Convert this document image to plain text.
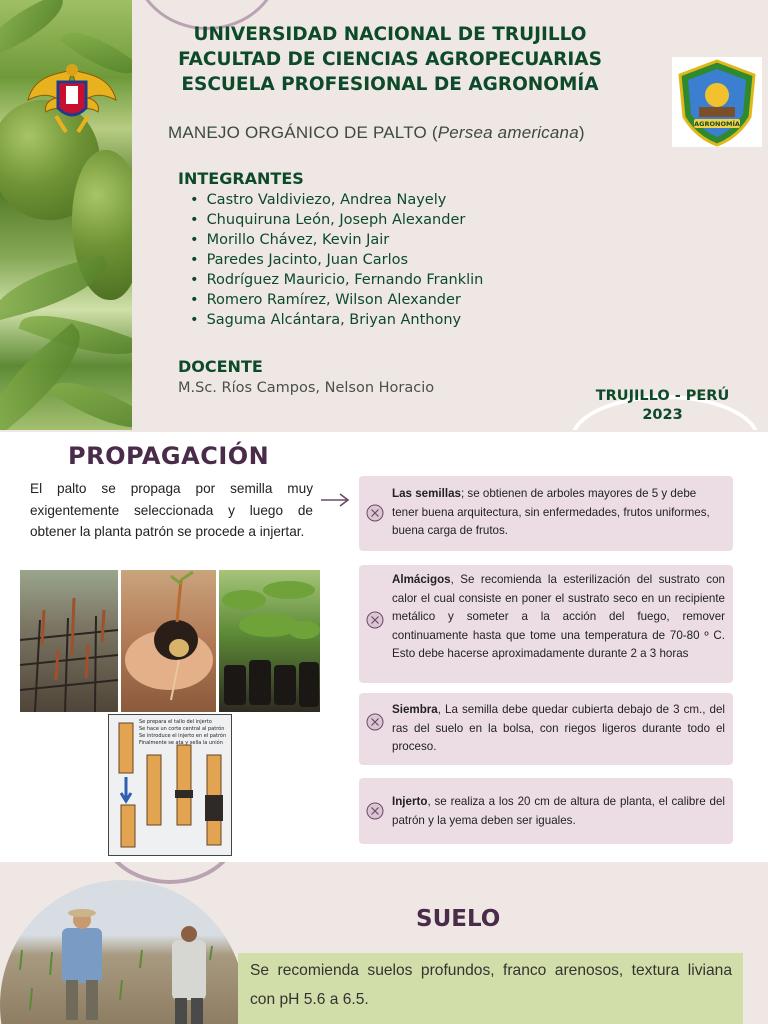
UNIVERSIDAD NACIONAL DE TRUJILLO
FACULTAD DE CIENCIAS AGROPECUARIAS
ESCUELA PROFESIONAL DE AGRONOMÍA
AGRONOMÍA
MANEJO ORGÁNICO DE PALTO (Persea americana)
INTEGRANTES
• Castro Valdiviezo, Andrea Nayely
• Chuquiruna León, Joseph Alexander
• Morillo Chávez, Kevin Jair
• Paredes Jacinto, Juan Carlos
• Rodríguez Mauricio, Fernando Franklin
• Romero Ramírez, Wilson Alexander
• Saguma Alcántara, Briyan Anthony
DOCENTE
M.Sc. Ríos Campos, Nelson Horacio	TRUJILLO - PERÚ
2023
PROPAGACIÓN
El palto se propaga por semilla muy exigentemente seleccionada y luego de obtener la planta patrón se procede a injertar.
Se prepara el tallo del injerto
Se hace un corte central al patrón
Se introduce el injerto en el patrón
Finalmente se ata y sella la unión
Las semillas; se obtienen de arboles mayores de 5 y debe tener buena arquitectura, sin enfermedades, frutos uniformes, buena carga de frutos.
Almácigos, Se recomienda la esterilización del sustrato con calor el cual consiste en poner el sustrato seco en un recipiente metálico y someter a la acción del fuego, remover continuamente hasta que tome una temperatura de 70-80 º C. Esto debe hacerse aproximadamente durante 2 a 3 horas
Siembra, La semilla debe quedar cubierta debajo de 3 cm., del ras del suelo en la bolsa, con riegos ligeros durante todo el proceso.
Injerto, se realiza a los 20 cm de altura de planta, el calibre del patrón y la yema deben ser iguales.
SUELO
Se recomienda suelos profundos, franco arenosos, textura liviana con pH 5.6 a 6.5.
